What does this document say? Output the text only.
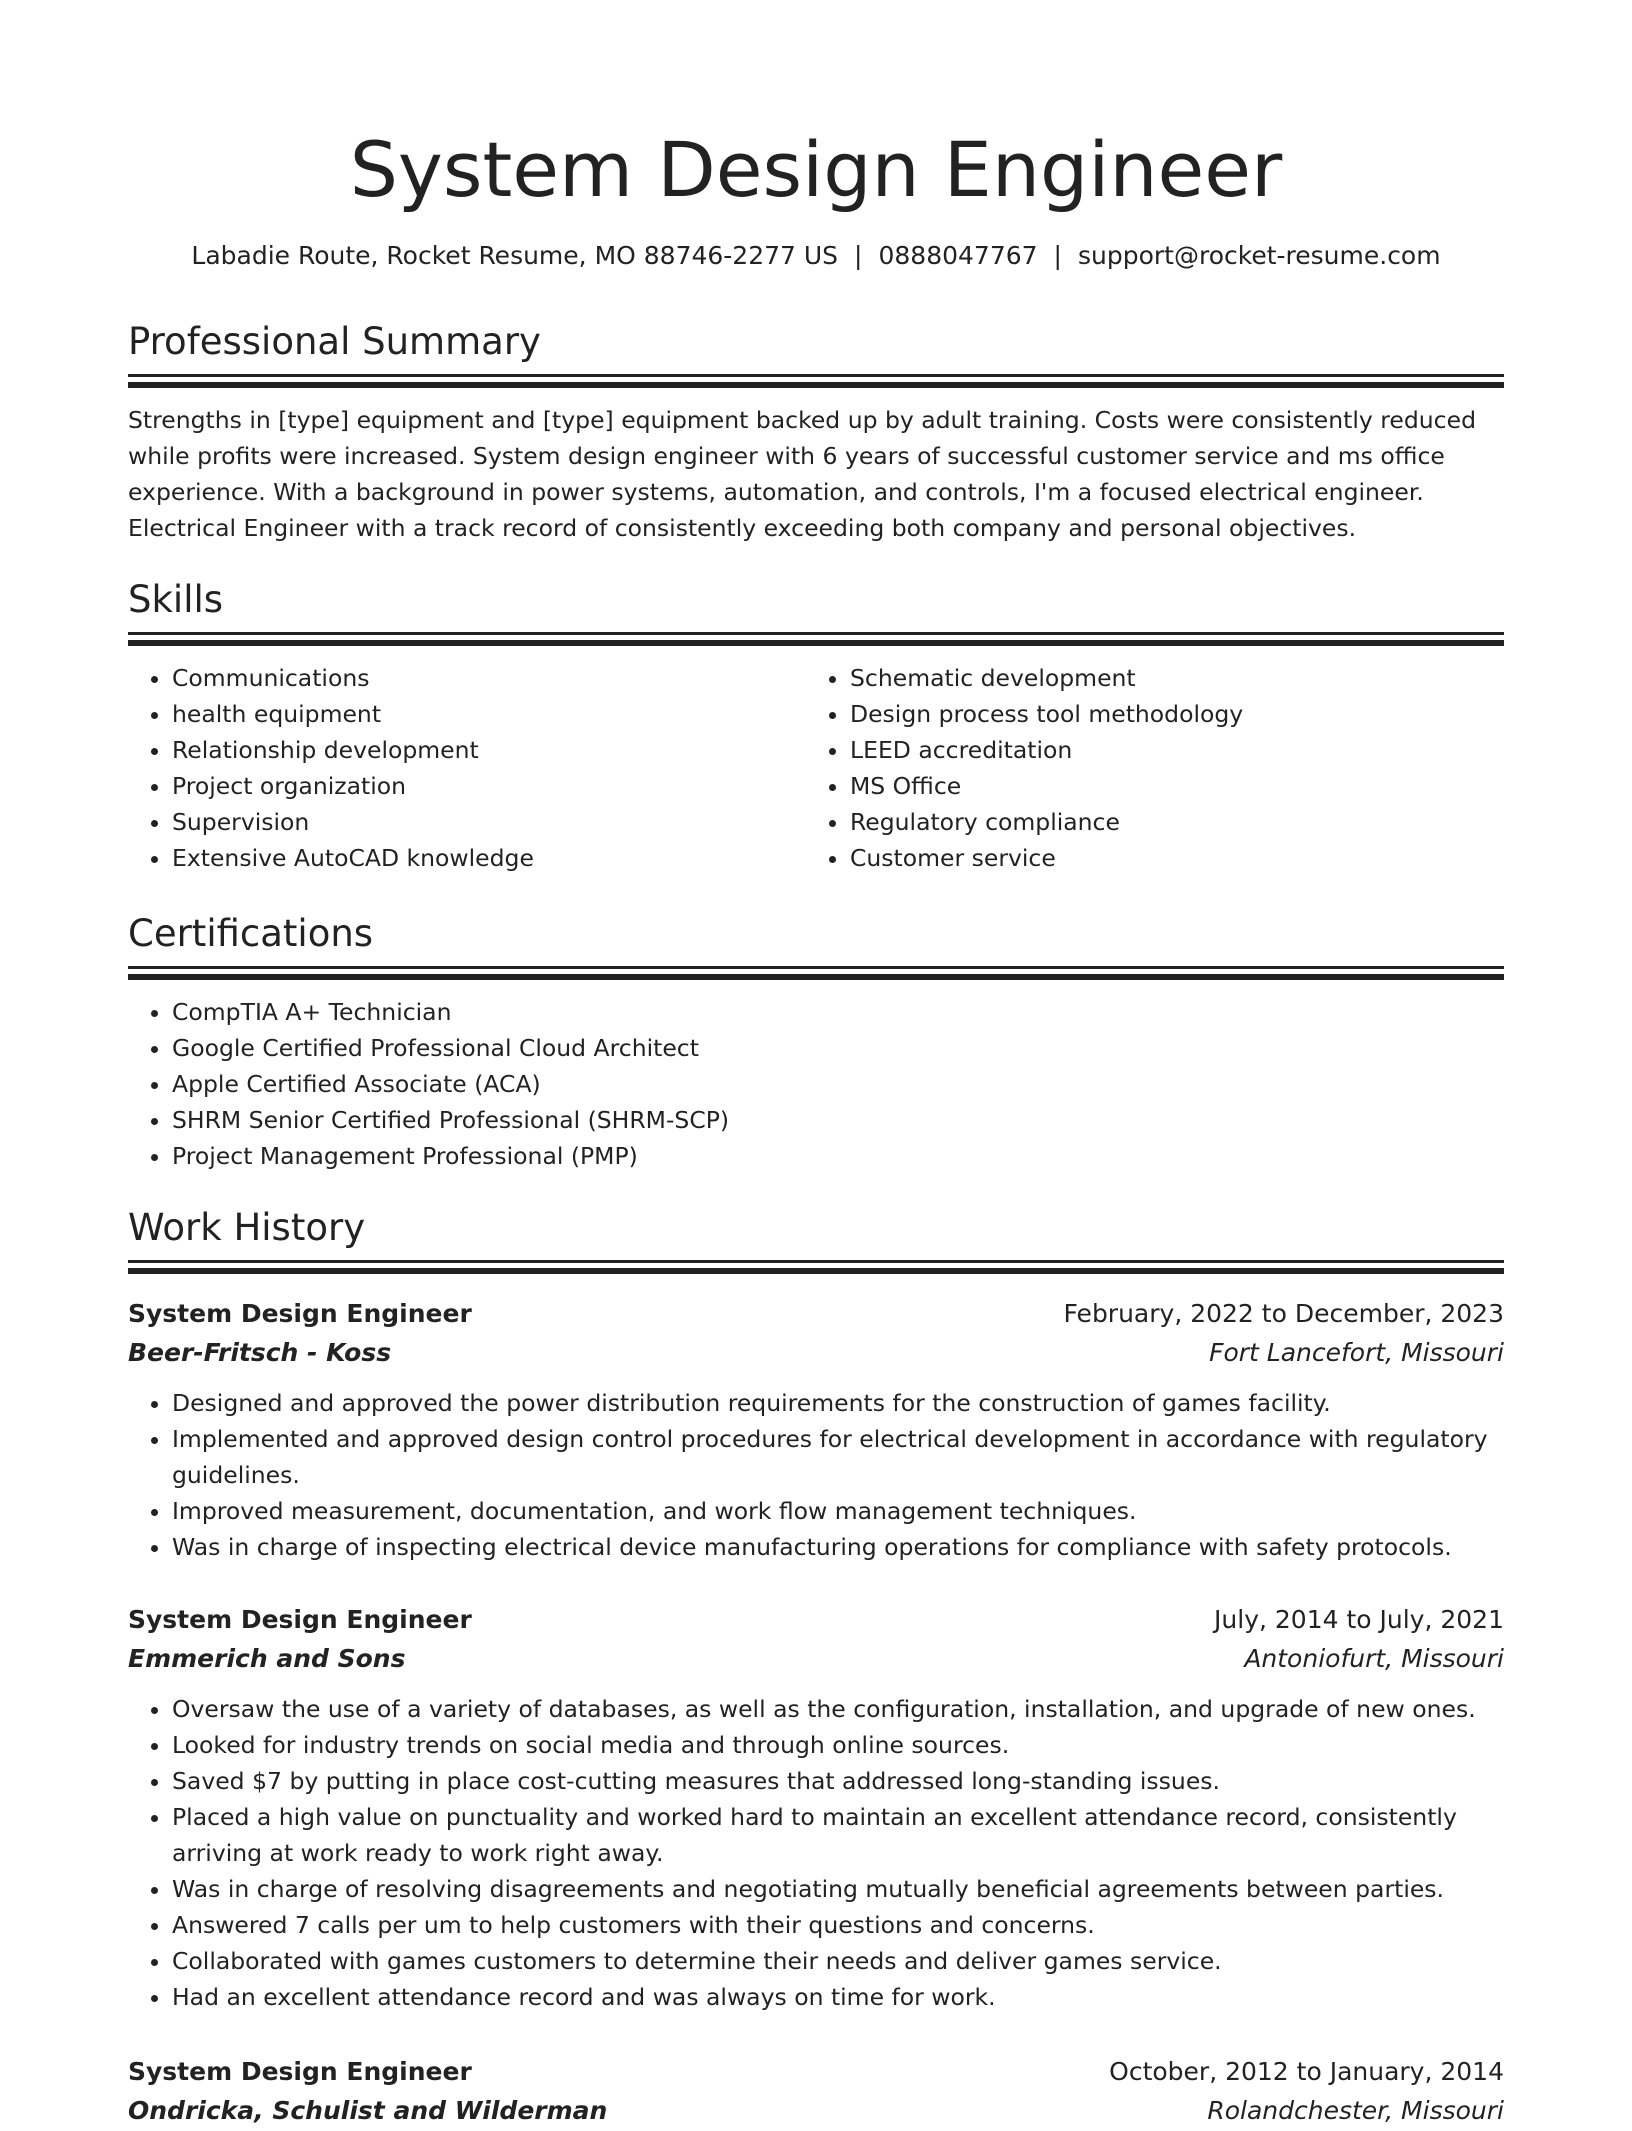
System Design Engineer
Labadie Route, Rocket Resume, MO 88746-2277 US | 0888047767 | support@rocket-resume.com
Professional Summary

Strengths in [type] equipment and [type] equipment backed up by adult training. Costs were consistently reduced while profits were increased. System design engineer with 6 years of successful customer service and ms office experience. With a background in power systems, automation, and controls, I'm a focused electrical engineer. Electrical Engineer with a track record of consistently exceeding both company and personal objectives.

Skills
• Communications
• health equipment
• Relationship development
• Project organization
• Supervision
• Extensive AutoCAD knowledge
• Schematic development
• Design process tool methodology
• LEED accreditation
• MS Office
• Regulatory compliance
• Customer service
Certifications
• CompTIA A+ Technician
• Google Certified Professional Cloud Architect
• Apple Certified Associate (ACA)
• SHRM Senior Certified Professional (SHRM-SCP)
• Project Management Professional (PMP)
Work History
System Design Engineer	February, 2022 to December, 2023
Beer-Fritsch - Koss	Fort Lancefort, Missouri
• Designed and approved the power distribution requirements for the construction of games facility.
• Implemented and approved design control procedures for electrical development in accordance with regulatory guidelines.
• Improved measurement, documentation, and work flow management techniques.
• Was in charge of inspecting electrical device manufacturing operations for compliance with safety protocols.
System Design Engineer	July, 2014 to July, 2021
Emmerich and Sons	Antoniofurt, Missouri
• Oversaw the use of a variety of databases, as well as the configuration, installation, and upgrade of new ones.
• Looked for industry trends on social media and through online sources.
• Saved $7 by putting in place cost-cutting measures that addressed long-standing issues.
• Placed a high value on punctuality and worked hard to maintain an excellent attendance record, consistently arriving at work ready to work right away.
• Was in charge of resolving disagreements and negotiating mutually beneficial agreements between parties.
• Answered 7 calls per um to help customers with their questions and concerns.
• Collaborated with games customers to determine their needs and deliver games service.
• Had an excellent attendance record and was always on time for work.
System Design Engineer	October, 2012 to January, 2014
Ondricka, Schulist and Wilderman	Rolandchester, Missouri
